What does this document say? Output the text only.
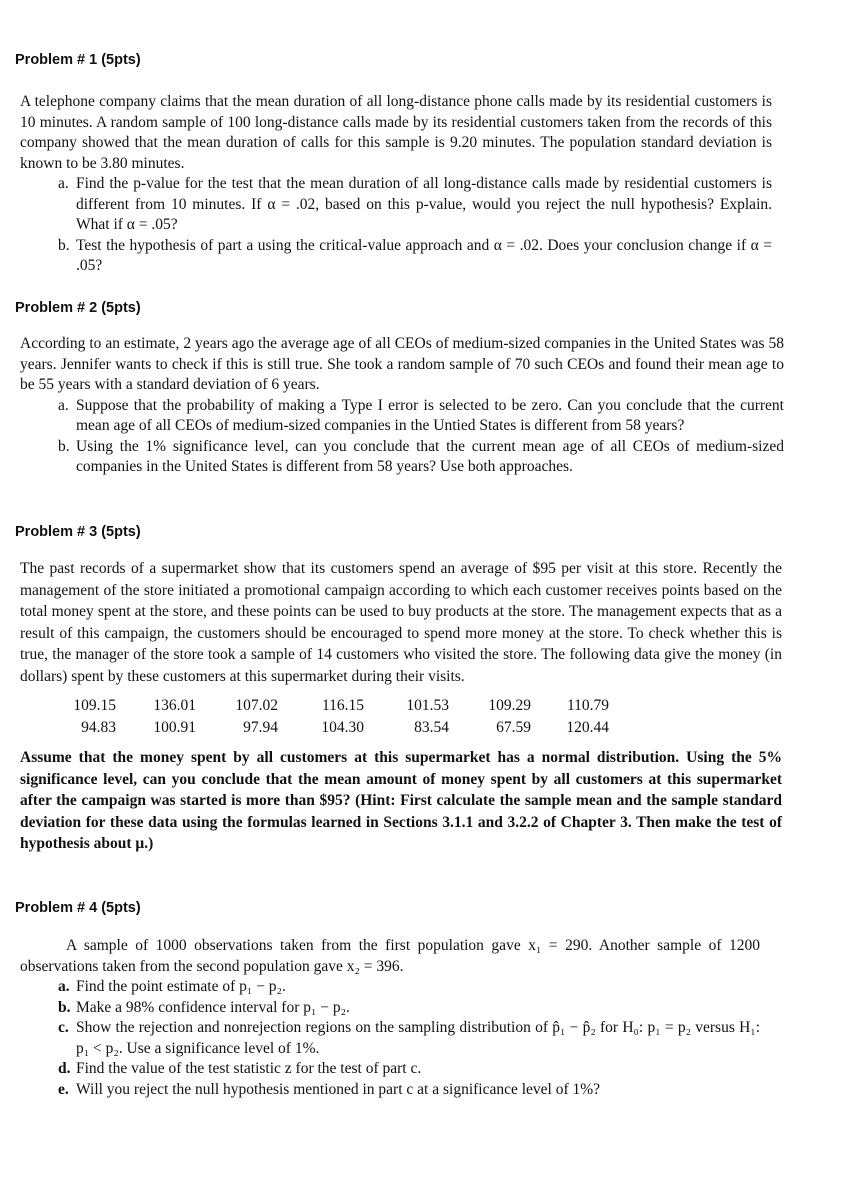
Problem # 1 (5pts)

A telephone company claims that the mean duration of all long-distance phone calls made by its residential customers is 10 minutes. A random sample of 100 long-distance calls made by its residential customers taken from the records of this company showed that the mean duration of calls for this sample is 9.20 minutes. The population standard deviation is known to be 3.80 minutes.

a. Find the p-value for the test that the mean duration of all long-distance calls made by residential customers is different from 10 minutes. If α = .02, based on this p-value, would you reject the null hypothesis? Explain. What if α = .05?
b. Test the hypothesis of part a using the critical-value approach and α = .02. Does your conclusion change if α = .05?
Problem # 2 (5pts)

According to an estimate, 2 years ago the average age of all CEOs of medium-sized companies in the United States was 58 years. Jennifer wants to check if this is still true. She took a random sample of 70 such CEOs and found their mean age to be 55 years with a standard deviation of 6 years.

a. Suppose that the probability of making a Type I error is selected to be zero. Can you conclude that the current mean age of all CEOs of medium-sized companies in the Untied States is different from 58 years?
b. Using the 1% significance level, can you conclude that the current mean age of all CEOs of medium-sized companies in the United States is different from 58 years? Use both approaches.
Problem # 3 (5pts)

The past records of a supermarket show that its customers spend an average of $95 per visit at this store. Recently the management of the store initiated a promotional campaign according to which each customer receives points based on the total money spent at the store, and these points can be used to buy products at the store. The management expects that as a result of this campaign, the customers should be encouraged to spend more money at the store. To check whether this is true, the manager of the store took a sample of 14 customers who visited the store. The following data give the money (in dollars) spent by these customers at this supermarket during their visits.

109.15	136.01	107.02	116.15	101.53	109.29	110.79
94.83	100.91	97.94	104.30	83.54	67.59	120.44

Assume that the money spent by all customers at this supermarket has a normal distribution. Using the 5% significance level, can you conclude that the mean amount of money spent by all customers at this supermarket after the campaign was started is more than $95? (Hint: First calculate the sample mean and the sample standard deviation for these data using the formulas learned in Sections 3.1.1 and 3.2.2 of Chapter 3. Then make the test of hypothesis about μ.)

Problem # 4 (5pts)

A sample of 1000 observations taken from the first population gave x₁ = 290. Another sample of 1200 observations taken from the second population gave x₂ = 396.

a. Find the point estimate of p₁ − p₂.
b. Make a 98% confidence interval for p₁ − p₂.
c. Show the rejection and nonrejection regions on the sampling distribution of p̂₁ − p̂₂ for H₀: p₁ = p₂ versus H₁: p₁ < p₂. Use a significance level of 1%.
d. Find the value of the test statistic z for the test of part c.
e. Will you reject the null hypothesis mentioned in part c at a significance level of 1%?
